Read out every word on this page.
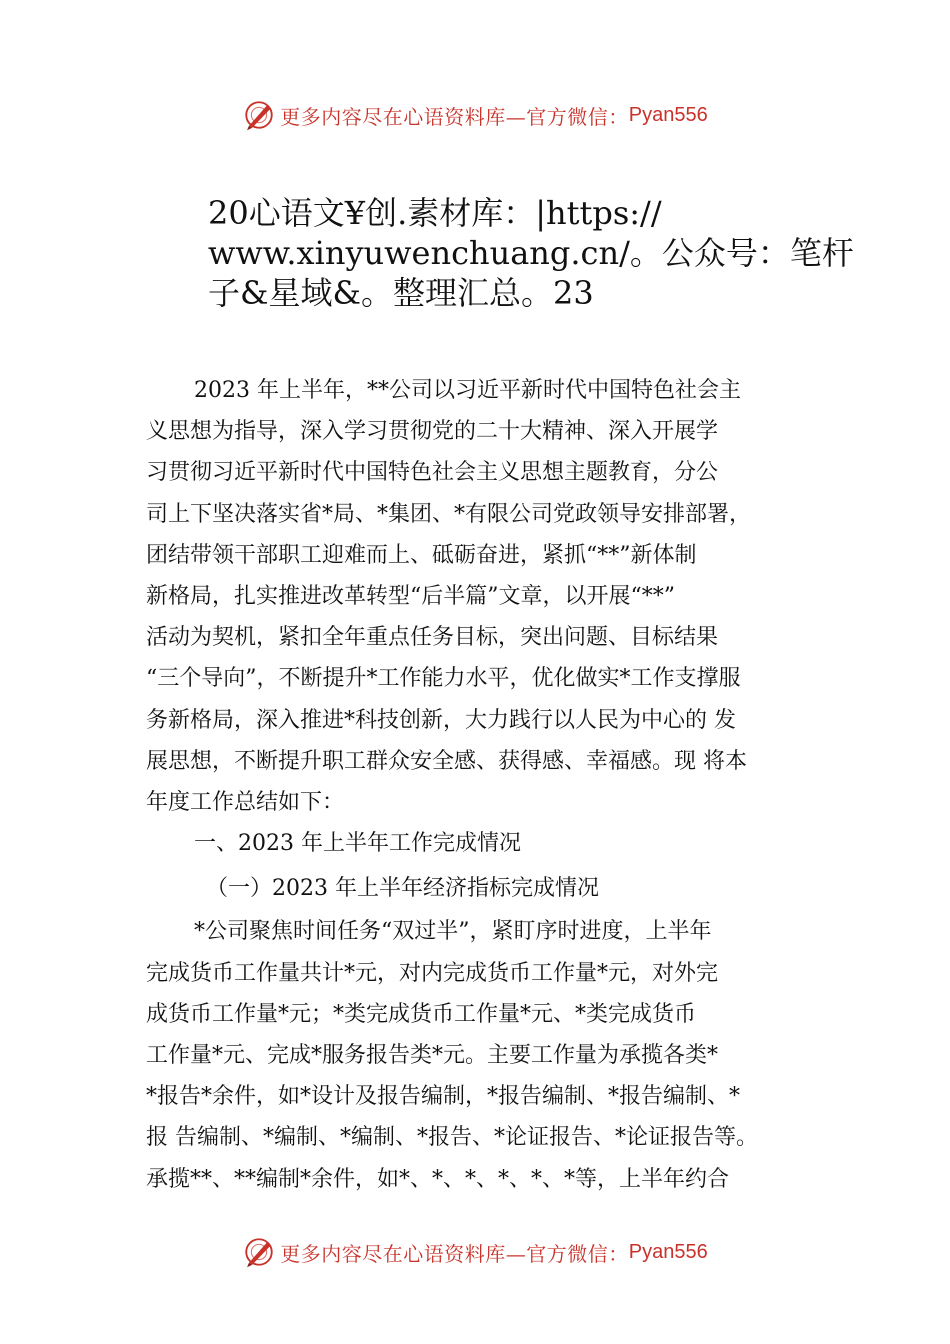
更多内容尽在心语资料库—官方微信： Pyan556
20心语文¥创.素材库：|https://
www.xinyuwenchuang.cn/。公众号：笔杆
子&星域&。整理汇总。23
2023 年上半年，**公司以习近平新时代中国特色社会主
义思想为指导，深入学习贯彻党的二十大精神、深入开展学
习贯彻习近平新时代中国特色社会主义思想主题教育，分公
司上下坚决落实省*局、*集团、*有限公司党政领导安排部署，
团结带领干部职工迎难而上、砥砺奋进，紧抓“**”新体制
新格局，扎实推进改革转型“后半篇”文章，以开展“**”
活动为契机，紧扣全年重点任务目标，突出问题、目标结果
“三个导向”，不断提升*工作能力水平，优化做实*工作支撑服
务新格局，深入推进*科技创新，大力践行以人民为中心的 发
展思想，不断提升职工群众安全感、获得感、幸福感。现 将本
年度工作总结如下：
一、2023 年上半年工作完成情况
（一）2023 年上半年经济指标完成情况
*公司聚焦时间任务“双过半”，紧盯序时进度，上半年
完成货币工作量共计*元，对内完成货币工作量*元，对外完
成货币工作量*元；*类完成货币工作量*元、*类完成货币
工作量*元、完成*服务报告类*元。主要工作量为承揽各类*
*报告*余件，如*设计及报告编制，*报告编制、*报告编制、*
报 告编制、*编制、*编制、*报告、*论证报告、*论证报告等。
承揽**、**编制*余件，如*、*、*、*、*、*等，上半年约合
更多内容尽在心语资料库—官方微信： Pyan556
